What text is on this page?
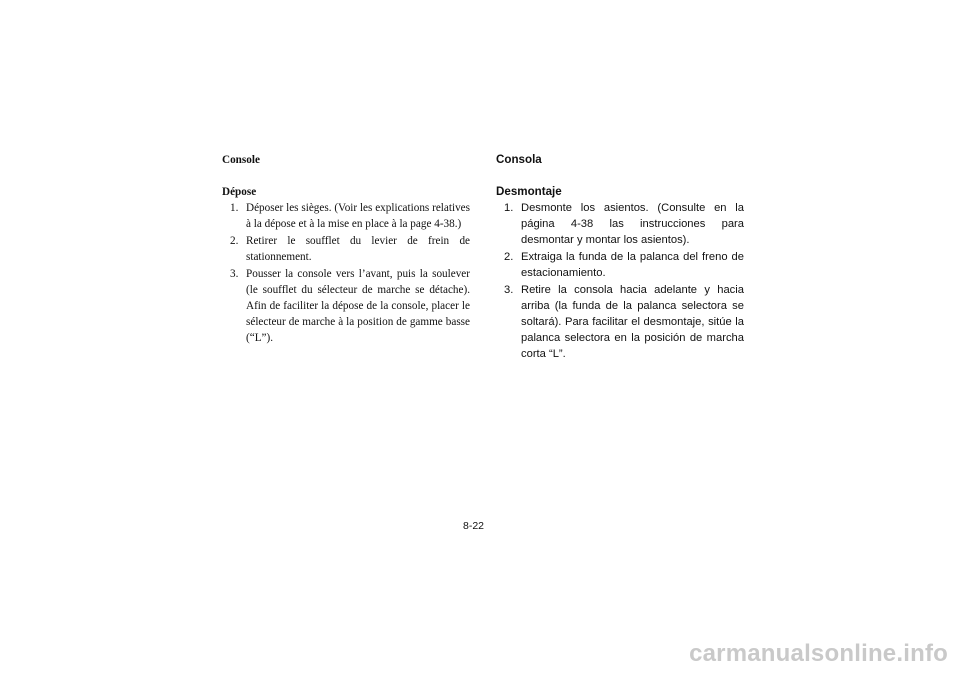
Console
Dépose
1. Déposer les sièges. (Voir les explications relatives à la dépose et à la mise en place à la page 4-38.)
2. Retirer le soufflet du levier de frein de stationnement.
3. Pousser la console vers l’avant, puis la soulever (le soufflet du sélecteur de marche se détache). Afin de faciliter la dépose de la console, placer le sélecteur de marche à la position de gamme basse (“L”).
Consola
Desmontaje
1. Desmonte los asientos. (Consulte en la página 4-38 las instrucciones para desmontar y montar los asientos).
2. Extraiga la funda de la palanca del freno de estacionamiento.
3. Retire la consola hacia adelante y hacia arriba (la funda de la palanca selectora se soltará). Para facilitar el desmontaje, sitúe la palanca selectora en la posición de marcha corta “L”.
8-22
carmanualsonline.info
